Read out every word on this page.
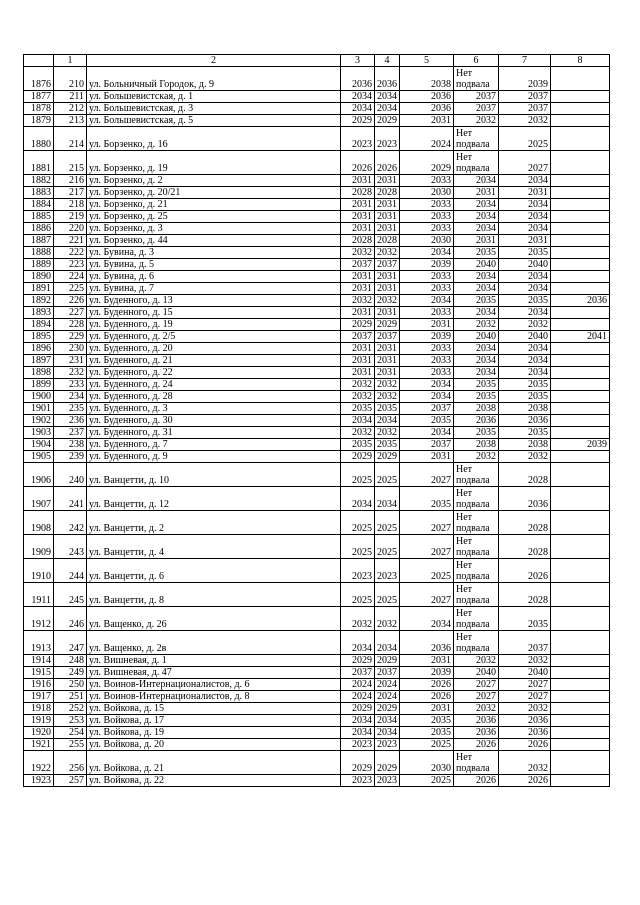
	1	2	3	4	5	6	7	8
1876	210	ул. Больничный Городок, д. 9	2036	2036	2038	Нет подвала	2039	
1877	211	ул. Большевистская, д. 1	2034	2034	2036	2037	2037	
1878	212	ул. Большевистская, д. 3	2034	2034	2036	2037	2037	
1879	213	ул. Большевистская, д. 5	2029	2029	2031	2032	2032	
1880	214	ул. Борзенко, д. 16	2023	2023	2024	Нет подвала	2025	
1881	215	ул. Борзенко, д. 19	2026	2026	2029	Нет подвала	2027	
1882	216	ул. Борзенко, д. 2	2031	2031	2033	2034	2034	
1883	217	ул. Борзенко, д. 20/21	2028	2028	2030	2031	2031	
1884	218	ул. Борзенко, д. 21	2031	2031	2033	2034	2034	
1885	219	ул. Борзенко, д. 25	2031	2031	2033	2034	2034	
1886	220	ул. Борзенко, д. 3	2031	2031	2033	2034	2034	
1887	221	ул. Борзенко, д. 44	2028	2028	2030	2031	2031	
1888	222	ул. Бувина, д. 3	2032	2032	2034	2035	2035	
1889	223	ул. Бувина, д. 5	2037	2037	2039	2040	2040	
1890	224	ул. Бувина, д. 6	2031	2031	2033	2034	2034	
1891	225	ул. Бувина, д. 7	2031	2031	2033	2034	2034	
1892	226	ул. Буденного, д. 13	2032	2032	2034	2035	2035	2036
1893	227	ул. Буденного, д. 15	2031	2031	2033	2034	2034	
1894	228	ул. Буденного, д. 19	2029	2029	2031	2032	2032	
1895	229	ул. Буденного, д. 2/5	2037	2037	2039	2040	2040	2041
1896	230	ул. Буденного, д. 20	2031	2031	2033	2034	2034	
1897	231	ул. Буденного, д. 21	2031	2031	2033	2034	2034	
1898	232	ул. Буденного, д. 22	2031	2031	2033	2034	2034	
1899	233	ул. Буденного, д. 24	2032	2032	2034	2035	2035	
1900	234	ул. Буденного, д. 28	2032	2032	2034	2035	2035	
1901	235	ул. Буденного, д. 3	2035	2035	2037	2038	2038	
1902	236	ул. Буденного, д. 30	2034	2034	2035	2036	2036	
1903	237	ул. Буденного, д. 31	2032	2032	2034	2035	2035	
1904	238	ул. Буденного, д. 7	2035	2035	2037	2038	2038	2039
1905	239	ул. Буденного, д. 9	2029	2029	2031	2032	2032	
1906	240	ул. Ванцетти, д. 10	2025	2025	2027	Нет подвала	2028	
1907	241	ул. Ванцетти, д. 12	2034	2034	2035	Нет подвала	2036	
1908	242	ул. Ванцетти, д. 2	2025	2025	2027	Нет подвала	2028	
1909	243	ул. Ванцетти, д. 4	2025	2025	2027	Нет подвала	2028	
1910	244	ул. Ванцетти, д. 6	2023	2023	2025	Нет подвала	2026	
1911	245	ул. Ванцетти, д. 8	2025	2025	2027	Нет подвала	2028	
1912	246	ул. Ващенко, д. 26	2032	2032	2034	Нет подвала	2035	
1913	247	ул. Ващенко, д. 2в	2034	2034	2036	Нет подвала	2037	
1914	248	ул. Вишневая, д. 1	2029	2029	2031	2032	2032	
1915	249	ул. Вишневая, д. 47	2037	2037	2039	2040	2040	
1916	250	ул. Воинов-Интернационалистов, д. 6	2024	2024	2026	2027	2027	
1917	251	ул. Воинов-Интернационалистов, д. 8	2024	2024	2026	2027	2027	
1918	252	ул. Войкова, д. 15	2029	2029	2031	2032	2032	
1919	253	ул. Войкова, д. 17	2034	2034	2035	2036	2036	
1920	254	ул. Войкова, д. 19	2034	2034	2035	2036	2036	
1921	255	ул. Войкова, д. 20	2023	2023	2025	2026	2026	
1922	256	ул. Войкова, д. 21	2029	2029	2030	Нет подвала	2032	
1923	257	ул. Войкова, д. 22	2023	2023	2025	2026	2026	
